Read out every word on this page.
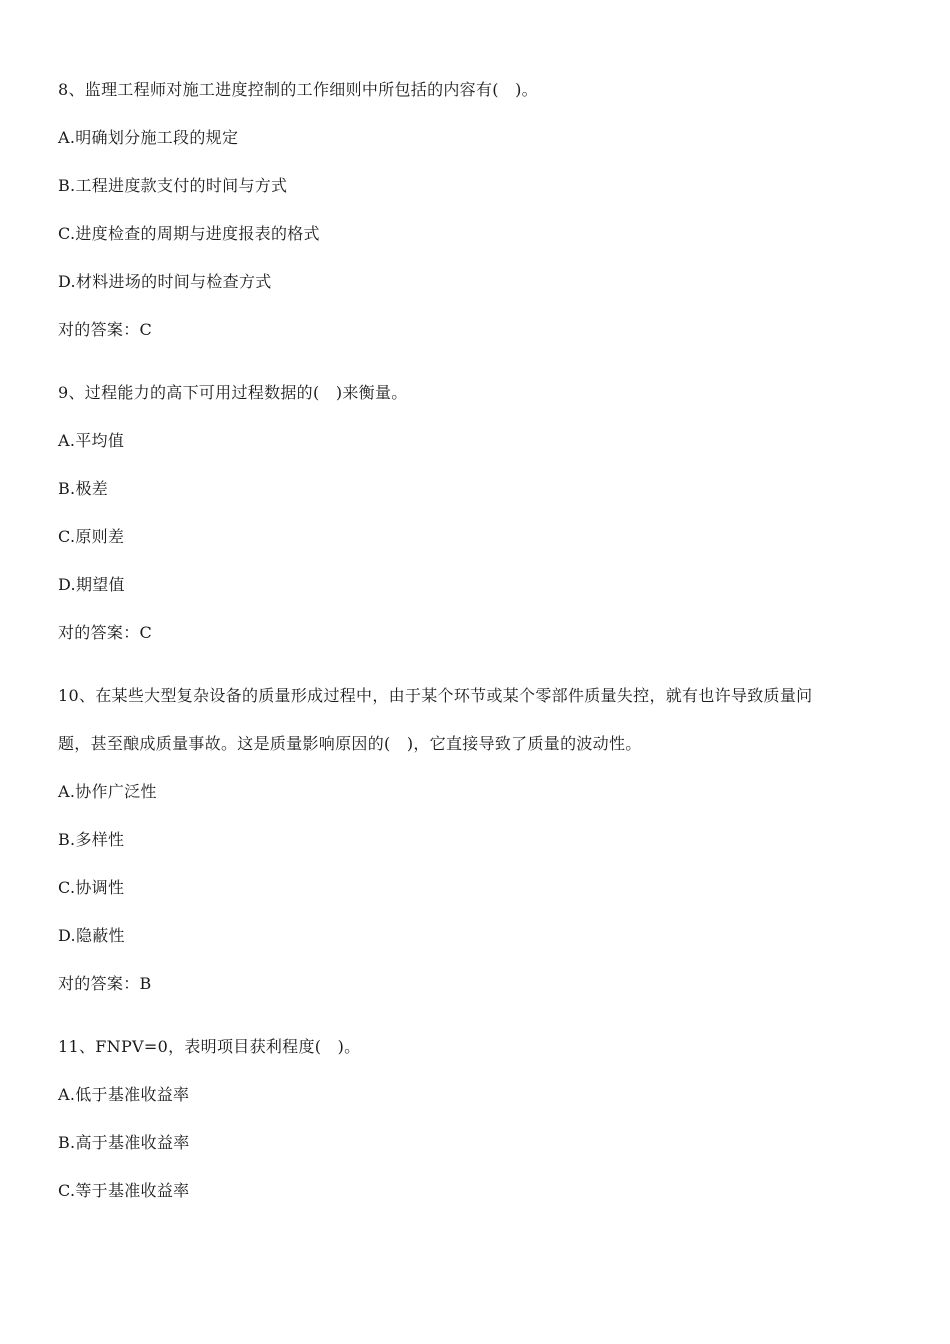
8、监理工程师对施工进度控制的工作细则中所包括的内容有(　)。
A.明确划分施工段的规定
B.工程进度款支付的时间与方式
C.进度检查的周期与进度报表的格式
D.材料进场的时间与检查方式
对的答案：C
9、过程能力的高下可用过程数据的(　)来衡量。
A.平均值
B.极差
C.原则差
D.期望值
对的答案：C
10、在某些大型复杂设备的质量形成过程中，由于某个环节或某个零部件质量失控，就有也许导致质量问
题，甚至酿成质量事故。这是质量影响原因的(　)，它直接导致了质量的波动性。
A.协作广泛性
B.多样性
C.协调性
D.隐蔽性
对的答案：B
11、FNPV=0，表明项目获利程度(　)。
A.低于基准收益率
B.高于基准收益率
C.等于基准收益率
